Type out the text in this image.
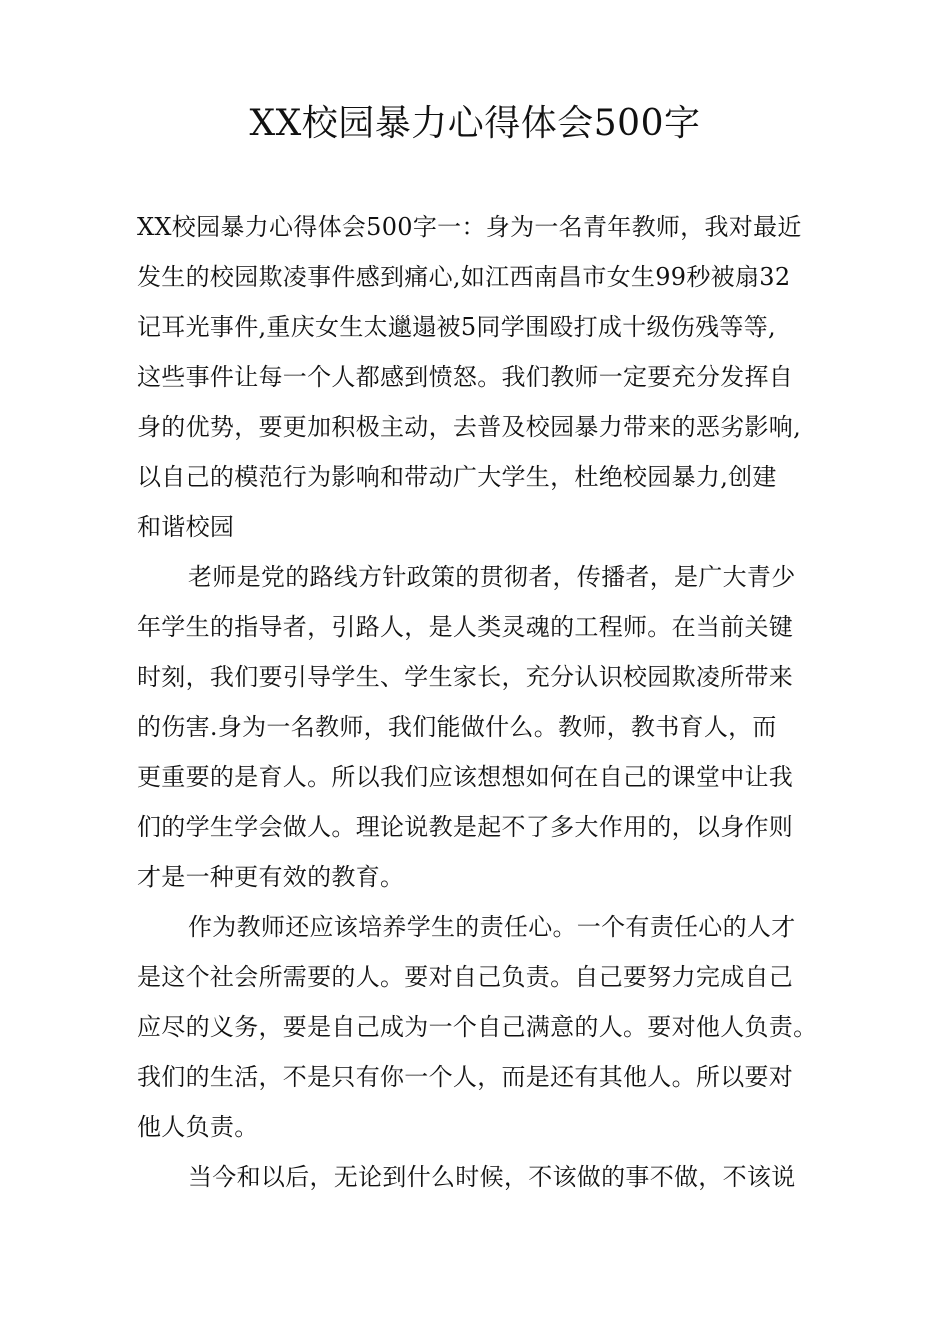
XX校园暴力心得体会500字
XX校园暴力心得体会500字一：身为一名青年教师，我对最近
发生的校园欺凌事件感到痛心,如江西南昌市女生99秒被扇32
记耳光事件,重庆女生太邋遢被5同学围殴打成十级伤残等等,
这些事件让每一个人都感到愤怒。我们教师一定要充分发挥自
身的优势，要更加积极主动，去普及校园暴力带来的恶劣影响,
以自己的模范行为影响和带动广大学生，杜绝校园暴力,创建
和谐校园
老师是党的路线方针政策的贯彻者，传播者，是广大青少
年学生的指导者，引路人，是人类灵魂的工程师。在当前关键
时刻，我们要引导学生、学生家长，充分认识校园欺凌所带来
的伤害.身为一名教师，我们能做什么。教师，教书育人，而
更重要的是育人。所以我们应该想想如何在自己的课堂中让我
们的学生学会做人。理论说教是起不了多大作用的，以身作则
才是一种更有效的教育。
作为教师还应该培养学生的责任心。一个有责任心的人才
是这个社会所需要的人。要对自己负责。自己要努力完成自己
应尽的义务，要是自己成为一个自己满意的人。要对他人负责。
我们的生活，不是只有你一个人，而是还有其他人。所以要对
他人负责。
当今和以后，无论到什么时候，不该做的事不做，不该说
